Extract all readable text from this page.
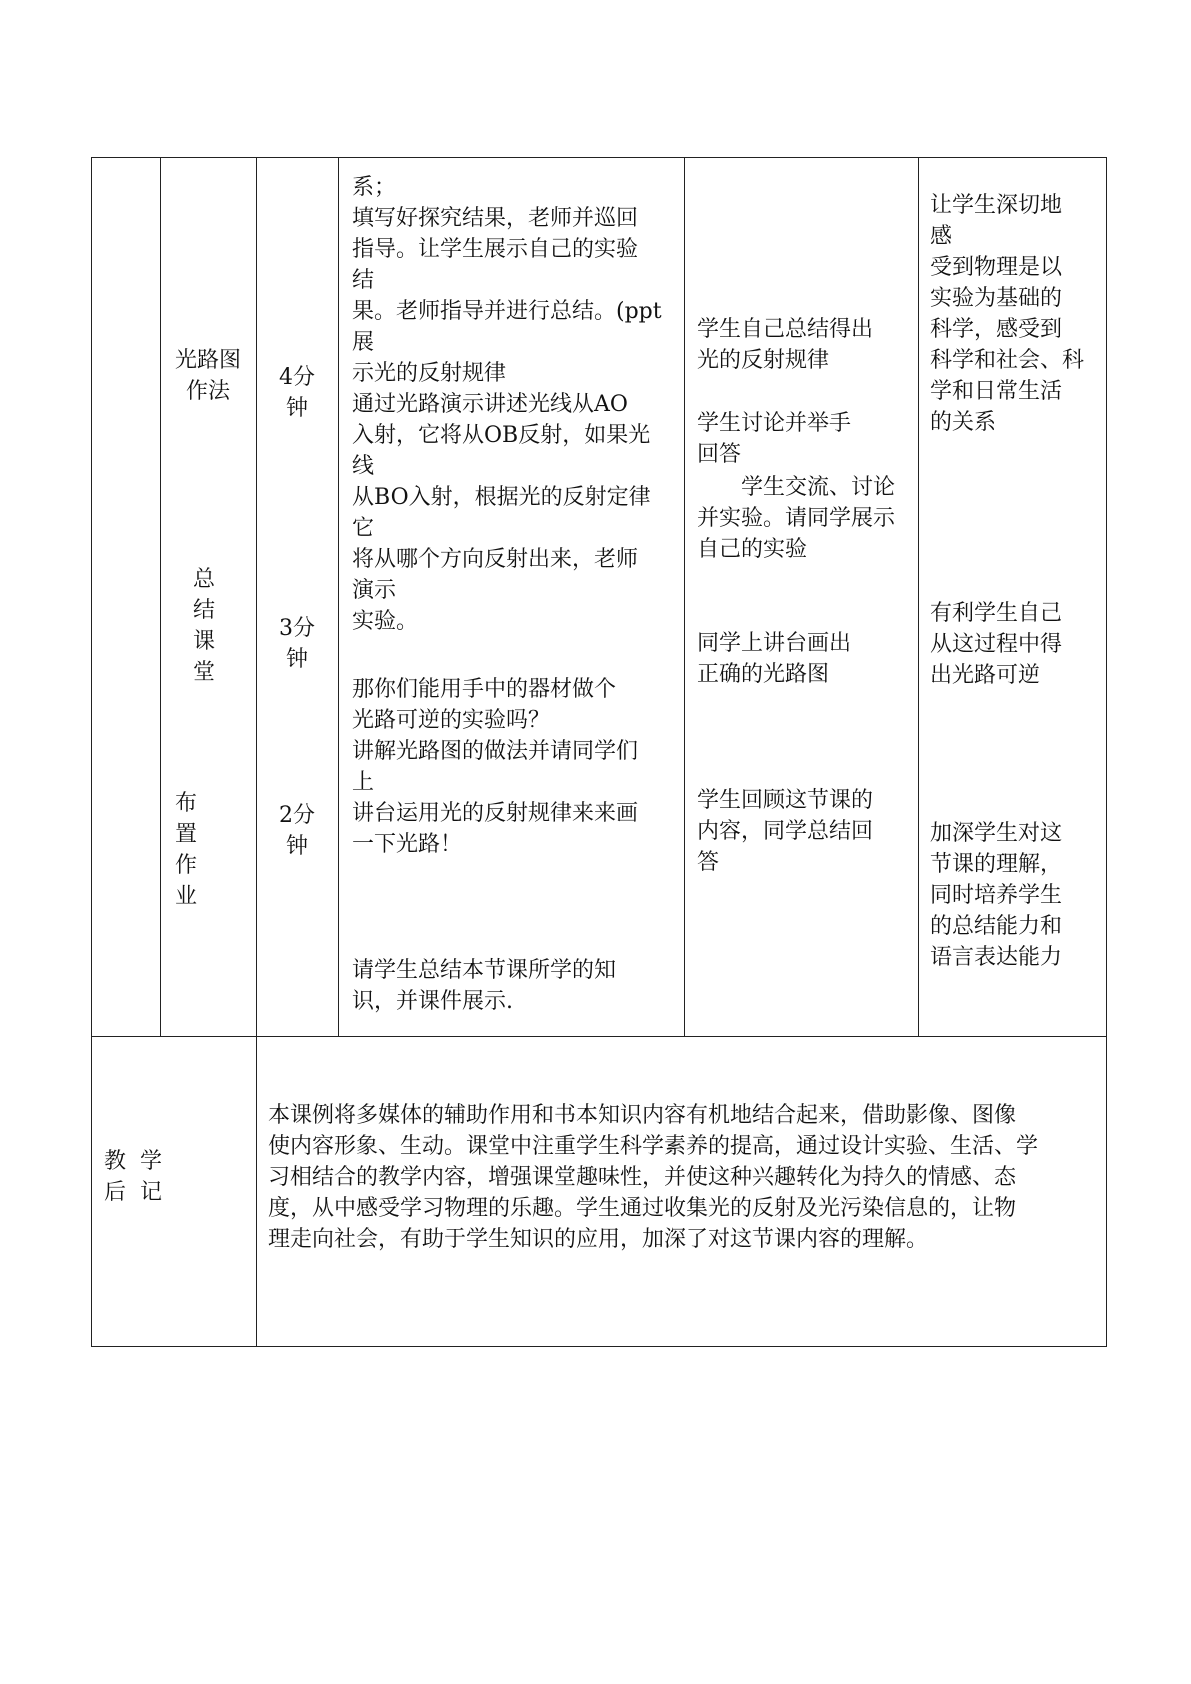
光路图
作法
总
结
课
堂
布
置
作
业
4分
钟
3分
钟
2分
钟
系；
填写好探究结果，老师并巡回
指导。让学生展示自己的实验
结
果。老师指导并进行总结。(ppt
展
示光的反射规律
通过光路演示讲述光线从AO
入射，它将从OB反射，如果光
线
从BO入射，根据光的反射定律
它
将从哪个方向反射出来，老师
演示
实验。
那你们能用手中的器材做个
光路可逆的实验吗？
讲解光路图的做法并请同学们
上
讲台运用光的反射规律来来画
一下光路！
请学生总结本节课所学的知
识，并课件展示.
学生自己总结得出
光的反射规律
学生讨论并举手
回答
学生交流、讨论
并实验。请同学展示
自己的实验
同学上讲台画出
正确的光路图
学生回顾这节课的
内容，同学总结回
答
让学生深切地
感
受到物理是以
实验为基础的
科学，感受到
科学和社会、科
学和日常生活
的关系
有利学生自己
从这过程中得
出光路可逆
加深学生对这
节课的理解，
同时培养学生
的总结能力和
语言表达能力
教  学
后  记
本课例将多媒体的辅助作用和书本知识内容有机地结合起来，借助影像、图像
使内容形象、生动。课堂中注重学生科学素养的提高，通过设计实验、生活、学
习相结合的教学内容，增强课堂趣味性，并使这种兴趣转化为持久的情感、态
度，从中感受学习物理的乐趣。学生通过收集光的反射及光污染信息的，让物
理走向社会，有助于学生知识的应用，加深了对这节课内容的理解。
